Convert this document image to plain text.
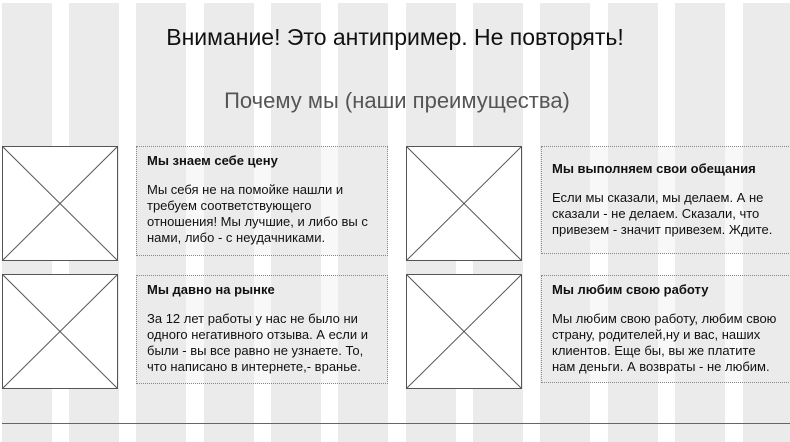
Внимание! Это антипример. Не повторять!
Почему мы (наши преимущества)
Мы знаем себе цену

Мы себя не на помойке нашли и требуем соответствующего отношения! Мы лучшие, и либо вы с нами, либо - с неудачниками.

Мы выполняем свои обещания

Если мы сказали, мы делаем. А не сказали - не делаем. Сказали, что привезем - значит привезем. Ждите.

Мы давно на рынке

За 12 лет работы у нас не было ни одного негативного отзыва. А если и были - вы все равно не узнаете. То, что написано в интернете,- вранье.

Мы любим свою работу

Мы любим свою работу, любим свою страну, родителей,ну и вас, наших клиентов. Еще бы, вы же платите нам деньги. А возвраты - не любим.
